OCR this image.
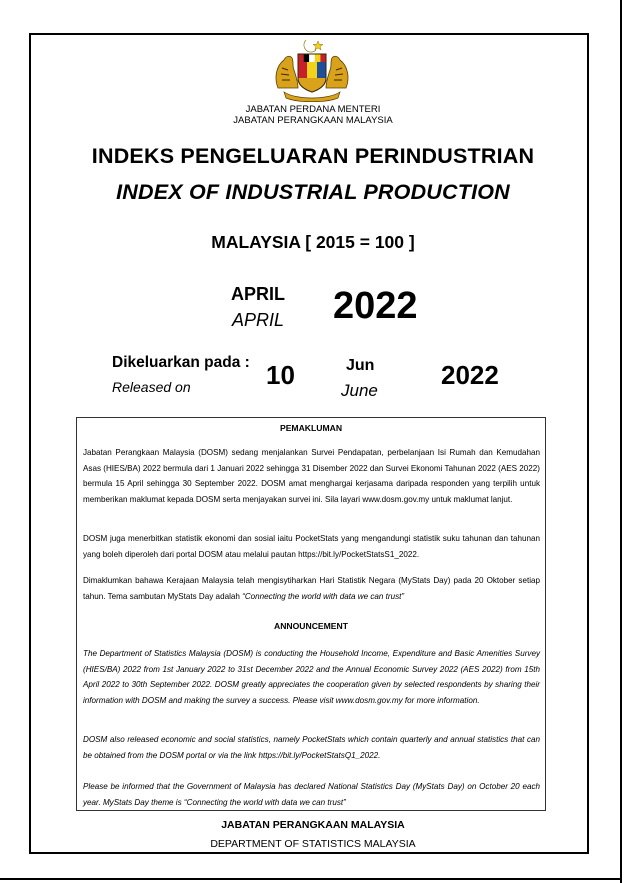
JABATAN PERDANA MENTERI
JABATAN PERANGKAAN MALAYSIA
INDEKS PENGELUARAN PERINDUSTRIAN
INDEX OF INDUSTRIAL PRODUCTION
MALAYSIA [ 2015 = 100 ]
APRIL
APRIL 2022
Dikeluarkan pada :
Released on	10	Jun
June
2022
PEMAKLUMAN
Jabatan Perangkaan Malaysia (DOSM) sedang menjalankan Survei Pendapatan, perbelanjaan Isi Rumah dan Kemudahan Asas (HIES/BA) 2022 bermula dari 1 Januari 2022 sehingga 31 Disember 2022 dan Survei Ekonomi Tahunan 2022 (AES 2022) bermula 15 April sehingga 30 September 2022. DOSM amat menghargai kerjasama daripada responden yang terpilih untuk memberikan maklumat kepada DOSM serta menjayakan survei ini. Sila layari www.dosm.gov.my untuk maklumat lanjut.
DOSM juga menerbitkan statistik ekonomi dan sosial iaitu PocketStats yang mengandungi statistik suku tahunan dan tahunan yang boleh diperoleh dari portal DOSM atau melalui pautan https://bit.ly/PocketStatsS1_2022.
Dimaklumkan bahawa Kerajaan Malaysia telah mengisytiharkan Hari Statistik Negara (MyStats Day) pada 20 Oktober setiap tahun. Tema sambutan MyStats Day adalah “Connecting the world with data we can trust”
ANNOUNCEMENT
The Department of Statistics Malaysia (DOSM) is conducting the Household Income, Expenditure and Basic Amenities Survey (HIES/BA) 2022 from 1st January 2022 to 31st December 2022 and the Annual Economic Survey 2022 (AES 2022) from 15th April 2022 to 30th September 2022. DOSM greatly appreciates the cooperation given by selected respondents by sharing their information with DOSM and making the survey a success. Please visit www.dosm.gov.my for more information.
DOSM also released economic and social statistics, namely PocketStats which contain quarterly and annual statistics that can be obtained from the DOSM portal or via the link https://bit.ly/PocketStatsQ1_2022.
Please be informed that the Government of Malaysia has declared National Statistics Day (MyStats Day) on October 20 each year. MyStats Day theme is “Connecting the world with data we can trust”
JABATAN PERANGKAAN MALAYSIA
DEPARTMENT OF STATISTICS MALAYSIA
